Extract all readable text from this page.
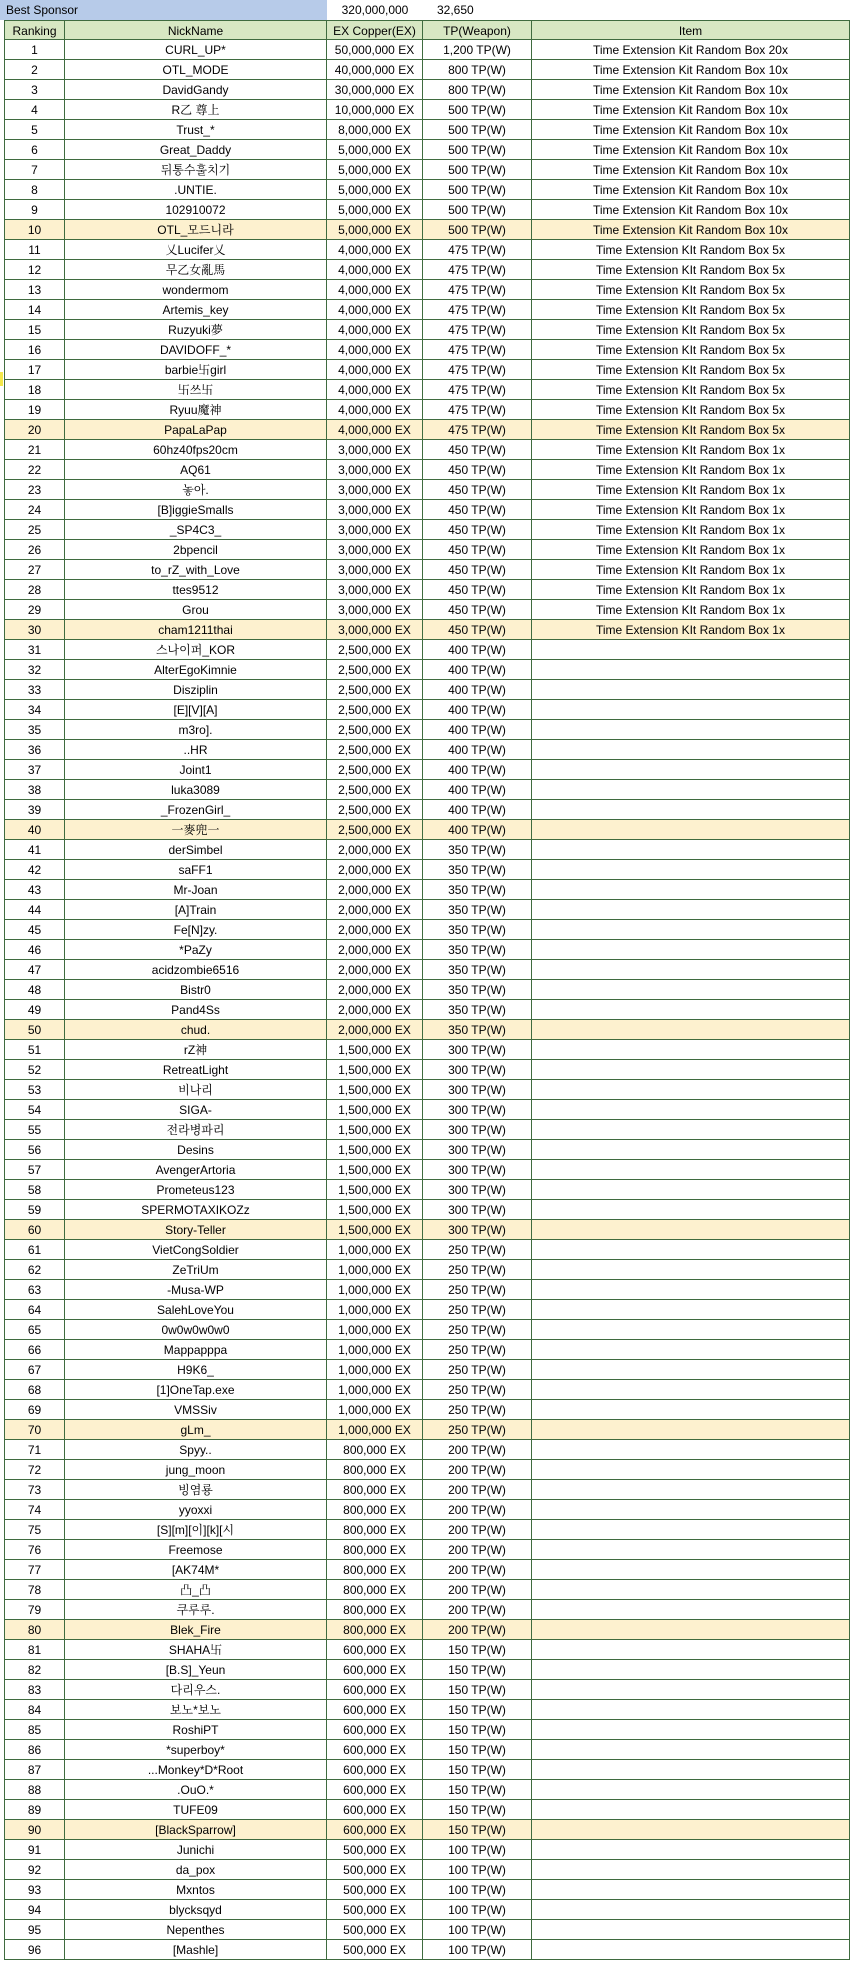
Best Sponsor	320,000,000	32,650
Ranking	NickName	EX Copper(EX)	TP(Weapon)	Item
1	CURL_UP*	50,000,000 EX	1,200 TP(W)	Time Extension Kit Random Box 20x
2	OTL_MODE	40,000,000 EX	800 TP(W)	Time Extension Kit Random Box 10x
3	DavidGandy	30,000,000 EX	800 TP(W)	Time Extension Kit Random Box 10x
4	R乙 尊上	10,000,000 EX	500 TP(W)	Time Extension Kit Random Box 10x
5	Trust_*	8,000,000 EX	500 TP(W)	Time Extension Kit Random Box 10x
6	Great_Daddy	5,000,000 EX	500 TP(W)	Time Extension Kit Random Box 10x
7	뒤통수훌치기	5,000,000 EX	500 TP(W)	Time Extension Kit Random Box 10x
8	.UNTIE.	5,000,000 EX	500 TP(W)	Time Extension Kit Random Box 10x
9	102910072	5,000,000 EX	500 TP(W)	Time Extension Kit Random Box 10x
10	OTL_모드니라	5,000,000 EX	500 TP(W)	Time Extension Kit Random Box 10x
11	乂Lucifer乂	4,000,000 EX	475 TP(W)	Time Extension KIt Random Box 5x
12	무乙女亂馬	4,000,000 EX	475 TP(W)	Time Extension KIt Random Box 5x
13	wondermom	4,000,000 EX	475 TP(W)	Time Extension KIt Random Box 5x
14	Artemis_key	4,000,000 EX	475 TP(W)	Time Extension KIt Random Box 5x
15	Ruzyuki夢	4,000,000 EX	475 TP(W)	Time Extension KIt Random Box 5x
16	DAVIDOFF_*	4,000,000 EX	475 TP(W)	Time Extension KIt Random Box 5x
17	barbie卐girl	4,000,000 EX	475 TP(W)	Time Extension KIt Random Box 5x
18	卐쓰卐	4,000,000 EX	475 TP(W)	Time Extension KIt Random Box 5x
19	Ryuu魔神	4,000,000 EX	475 TP(W)	Time Extension KIt Random Box 5x
20	PapaLaPap	4,000,000 EX	475 TP(W)	Time Extension KIt Random Box 5x
21	60hz40fps20cm	3,000,000 EX	450 TP(W)	Time Extension KIt Random Box 1x
22	AQ61	3,000,000 EX	450 TP(W)	Time Extension KIt Random Box 1x
23	놓아.	3,000,000 EX	450 TP(W)	Time Extension KIt Random Box 1x
24	[B]iggieSmalls	3,000,000 EX	450 TP(W)	Time Extension KIt Random Box 1x
25	_SP4C3_	3,000,000 EX	450 TP(W)	Time Extension KIt Random Box 1x
26	2bpencil	3,000,000 EX	450 TP(W)	Time Extension KIt Random Box 1x
27	to_rZ_with_Love	3,000,000 EX	450 TP(W)	Time Extension KIt Random Box 1x
28	ttes9512	3,000,000 EX	450 TP(W)	Time Extension KIt Random Box 1x
29	Grou	3,000,000 EX	450 TP(W)	Time Extension KIt Random Box 1x
30	cham1211thai	3,000,000 EX	450 TP(W)	Time Extension KIt Random Box 1x
31	스나이퍼_KOR	2,500,000 EX	400 TP(W)
32	AlterEgoKimnie	2,500,000 EX	400 TP(W)
33	Disziplin	2,500,000 EX	400 TP(W)
34	[E][V][A]	2,500,000 EX	400 TP(W)
35	m3ro].	2,500,000 EX	400 TP(W)
36	..HR	2,500,000 EX	400 TP(W)
37	Joint1	2,500,000 EX	400 TP(W)
38	luka3089	2,500,000 EX	400 TP(W)
39	_FrozenGirl_	2,500,000 EX	400 TP(W)
40	一麥兜一	2,500,000 EX	400 TP(W)
41	derSimbel	2,000,000 EX	350 TP(W)
42	saFF1	2,000,000 EX	350 TP(W)
43	Mr-Joan	2,000,000 EX	350 TP(W)
44	[A]Train	2,000,000 EX	350 TP(W)
45	Fe[N]zy.	2,000,000 EX	350 TP(W)
46	*PaZy	2,000,000 EX	350 TP(W)
47	acidzombie6516	2,000,000 EX	350 TP(W)
48	Bistr0	2,000,000 EX	350 TP(W)
49	Pand4Ss	2,000,000 EX	350 TP(W)
50	chud.	2,000,000 EX	350 TP(W)
51	rZ神	1,500,000 EX	300 TP(W)
52	RetreatLight	1,500,000 EX	300 TP(W)
53	비나리	1,500,000 EX	300 TP(W)
54	SIGA-	1,500,000 EX	300 TP(W)
55	전라병파리	1,500,000 EX	300 TP(W)
56	Desins	1,500,000 EX	300 TP(W)
57	AvengerArtoria	1,500,000 EX	300 TP(W)
58	Prometeus123	1,500,000 EX	300 TP(W)
59	SPERMOTAXIKOZz	1,500,000 EX	300 TP(W)
60	Story-Teller	1,500,000 EX	300 TP(W)
61	VietCongSoldier	1,000,000 EX	250 TP(W)
62	ZeTriUm	1,000,000 EX	250 TP(W)
63	-Musa-WP	1,000,000 EX	250 TP(W)
64	SalehLoveYou	1,000,000 EX	250 TP(W)
65	0w0w0w0w0	1,000,000 EX	250 TP(W)
66	Mappapppa	1,000,000 EX	250 TP(W)
67	H9K6_	1,000,000 EX	250 TP(W)
68	[1]OneTap.exe	1,000,000 EX	250 TP(W)
69	VMSSiv	1,000,000 EX	250 TP(W)
70	gLm_	1,000,000 EX	250 TP(W)
71	Spyy..	800,000 EX	200 TP(W)
72	jung_moon	800,000 EX	200 TP(W)
73	빙염룡	800,000 EX	200 TP(W)
74	yyoxxi	800,000 EX	200 TP(W)
75	[S][m][이][k][시	800,000 EX	200 TP(W)
76	Freemose	800,000 EX	200 TP(W)
77	[AK74M*	800,000 EX	200 TP(W)
78	凸_凸	800,000 EX	200 TP(W)
79	쿠루루.	800,000 EX	200 TP(W)
80	Blek_Fire	800,000 EX	200 TP(W)
81	SHAHA卐	600,000 EX	150 TP(W)
82	[B.S]_Yeun	600,000 EX	150 TP(W)
83	다리우스.	600,000 EX	150 TP(W)
84	보노*보노	600,000 EX	150 TP(W)
85	RoshiPT	600,000 EX	150 TP(W)
86	*superboy*	600,000 EX	150 TP(W)
87	...Monkey*D*Root	600,000 EX	150 TP(W)
88	.OuO.*	600,000 EX	150 TP(W)
89	TUFE09	600,000 EX	150 TP(W)
90	[BlackSparrow]	600,000 EX	150 TP(W)
91	Junichi	500,000 EX	100 TP(W)
92	da_pox	500,000 EX	100 TP(W)
93	Mxntos	500,000 EX	100 TP(W)
94	blycksqyd	500,000 EX	100 TP(W)
95	Nepenthes	500,000 EX	100 TP(W)
96	[Mashle]	500,000 EX	100 TP(W)
